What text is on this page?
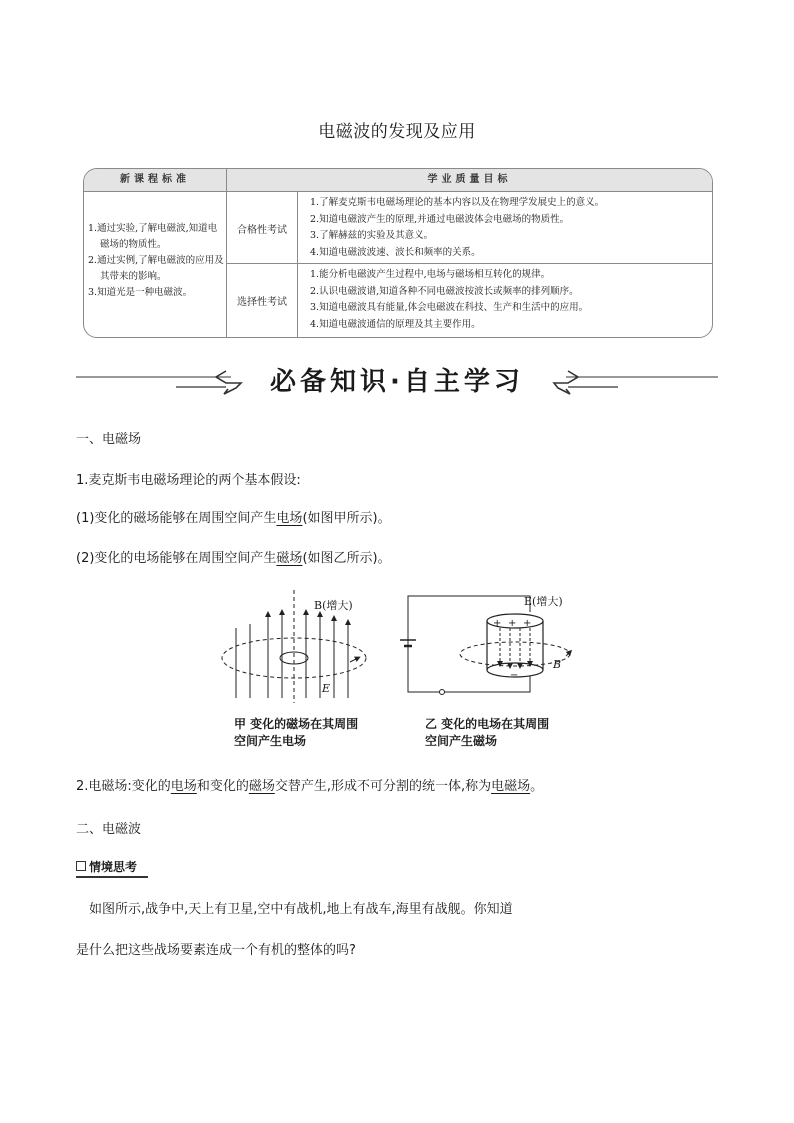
电磁波的发现及应用
新课程标准	学业质量目标
1.通过实验,了解电磁波,知道电磁场的物质性。
2.通过实例,了解电磁波的应用及其带来的影响。
3.知道光是一种电磁波。
合格性考试
1.了解麦克斯韦电磁场理论的基本内容以及在物理学发展史上的意义。
2.知道电磁波产生的原理,并通过电磁波体会电磁场的物质性。
3.了解赫兹的实验及其意义。
4.知道电磁波波速、波长和频率的关系。
选择性考试
1.能分析电磁波产生过程中,电场与磁场相互转化的规律。
2.认识电磁波谱,知道各种不同电磁波按波长或频率的排列顺序。
3.知道电磁波具有能量,体会电磁波在科技、生产和生活中的应用。
4.知道电磁波通信的原理及其主要作用。
必备知识·自主学习
一、电磁场
1.麦克斯韦电磁场理论的两个基本假设:
(1)变化的磁场能够在周围空间产生电场(如图甲所示)。
(2)变化的电场能够在周围空间产生磁场(如图乙所示)。
+ + +
−
B(增大)
E
E(增大)
B
甲 变化的磁场在其周围
空间产生电场
乙 变化的电场在其周围
空间产生磁场
2.电磁场:变化的电场和变化的磁场交替产生,形成不可分割的统一体,称为电磁场。
二、电磁波
情境思考
如图所示,战争中,天上有卫星,空中有战机,地上有战车,海里有战舰。你知道
是什么把这些战场要素连成一个有机的整体的吗?
